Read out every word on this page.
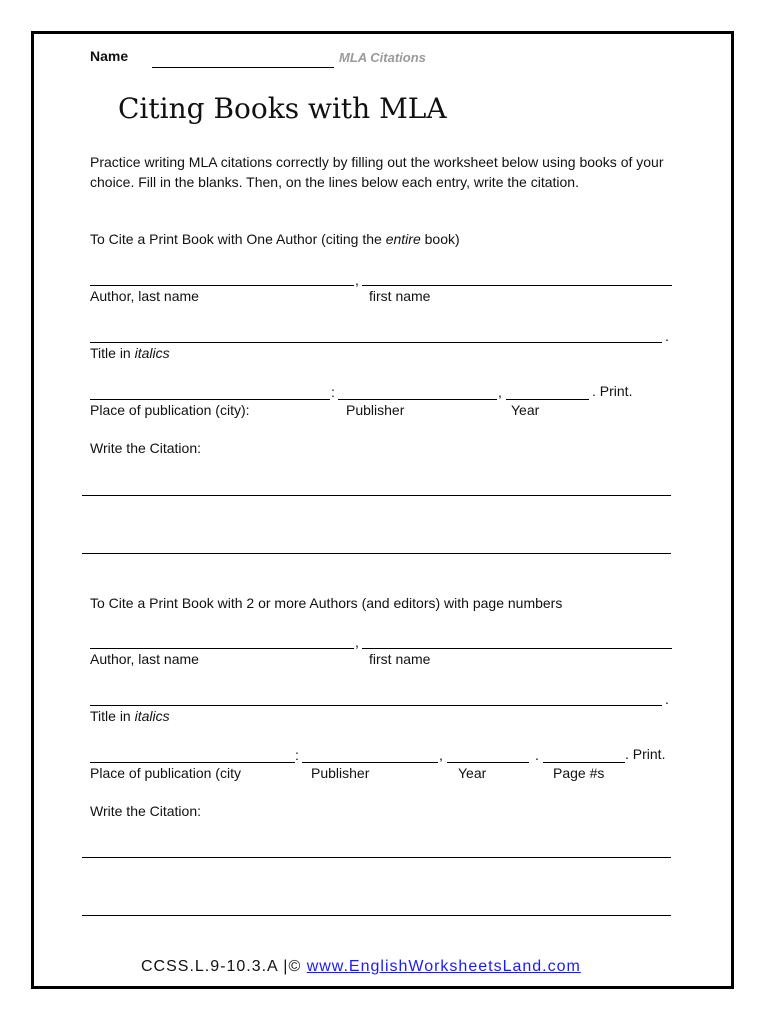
Name	MLA Citations
Citing Books with MLA
Practice writing MLA citations correctly by filling out the worksheet below using books of your choice. Fill in the blanks. Then, on the lines below each entry, write the citation.
To Cite a Print Book with One Author (citing the entire book)
,
Author, last name	first name
.
Title in italics
:	,	. Print.
Place of publication (city):	Publisher	Year
Write the Citation:
To Cite a Print Book with 2 or more Authors (and editors) with page numbers
,
Author, last name	first name
.
Title in italics
:	,	.	. Print.
Place of publication (city	Publisher	Year	Page #s
Write the Citation:
CCSS.L.9-10.3.A |© www.EnglishWorksheetsLand.com
